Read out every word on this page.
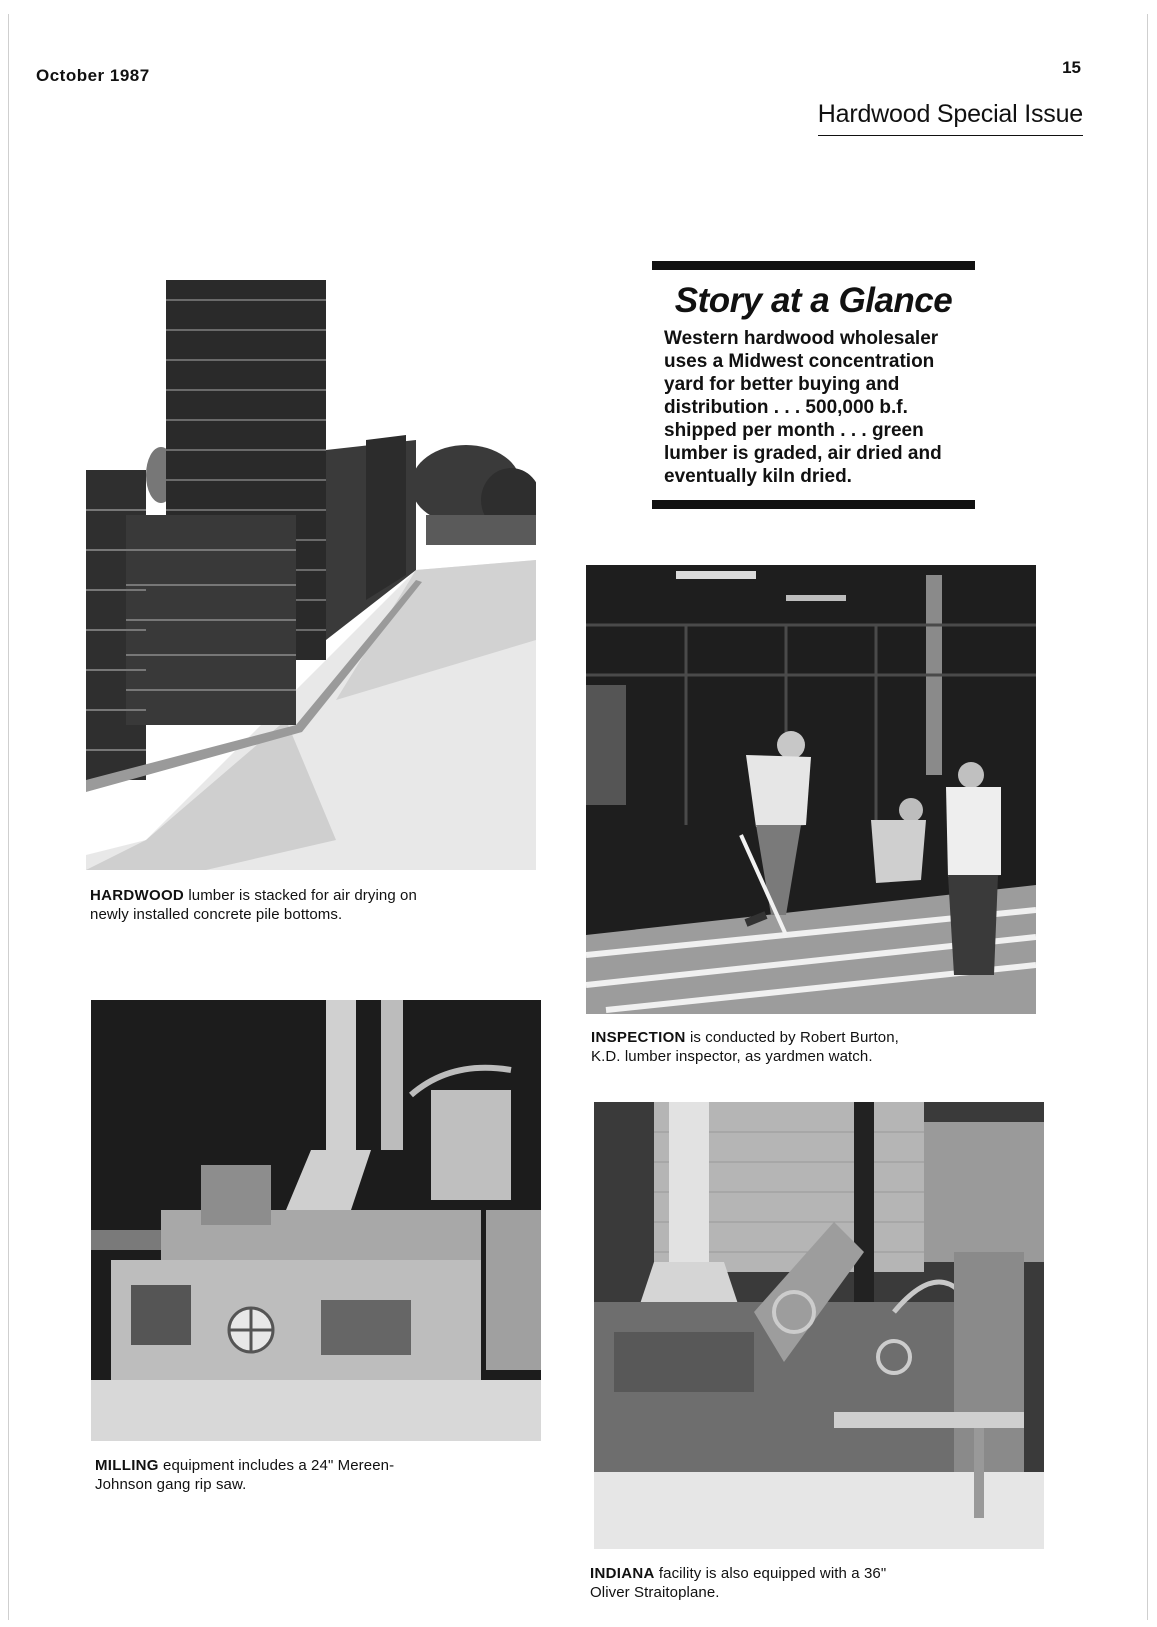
October 1987	15
Hardwood Special Issue
Story at a Glance

Western hardwood wholesaler uses a Midwest concentration yard for better buying and distribution . . . 500,000 b.f. shipped per month . . . green lumber is graded, air dried and eventually kiln dried.

HARDWOOD lumber is stacked for air drying on newly installed concrete pile bottoms.
INSPECTION is conducted by Robert Burton, K.D. lumber inspector, as yardmen watch.
MILLING equipment includes a 24" Mereen-Johnson gang rip saw.
INDIANA facility is also equipped with a 36" Oliver Straitoplane.
